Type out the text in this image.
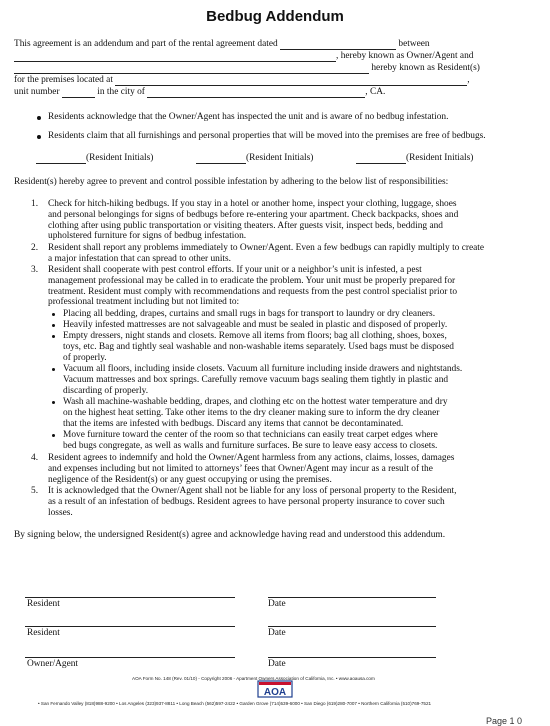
Bedbug Addendum
This agreement is an addendum and part of the rental agreement dated	between
, hereby known as Owner/Agent and
hereby known as Resident(s)
for the premises located at	,
unit number	in the city of	, CA.
Residents acknowledge that the Owner/Agent has inspected the unit and is aware of no bedbug infestation.
Residents claim that all furnishings and personal properties that will be moved into the premises are free of bedbugs.
(Resident Initials)	(Resident Initials)	(Resident Initials)
Resident(s) hereby agree to prevent and control possible infestation by adhering to the below list of responsibilities:
1. Check for hitch-hiking bedbugs. If you stay in a hotel or another home, inspect your clothing, luggage, shoes
and personal belongings for signs of bedbugs before re-entering your apartment. Check backpacks, shoes and
clothing after using public transportation or visiting theaters. After guests visit, inspect beds, bedding and
upholstered furniture for signs of bedbug infestation.
2. Resident shall report any problems immediately to Owner/Agent. Even a few bedbugs can rapidly multiply to create
a major infestation that can spread to other units.
3. Resident shall cooperate with pest control efforts. If your unit or a neighbor’s unit is infested, a pest
management professional may be called in to eradicate the problem. Your unit must be properly prepared for
treatment. Resident must comply with recommendations and requests from the pest control specialist prior to
professional treatment including but not limited to:
Placing all bedding, drapes, curtains and small rugs in bags for transport to laundry or dry cleaners.
Heavily infested mattresses are not salvageable and must be sealed in plastic and disposed of properly.
Empty dressers, night stands and closets. Remove all items from floors; bag all clothing, shoes, boxes,
toys, etc. Bag and tightly seal washable and non-washable items separately. Used bags must be disposed
of properly.
Vacuum all floors, including inside closets. Vacuum all furniture including inside drawers and nightstands.
Vacuum mattresses and box springs. Carefully remove vacuum bags sealing them tightly in plastic and
discarding of properly.
Wash all machine-washable bedding, drapes, and clothing etc on the hottest water temperature and dry
on the highest heat setting. Take other items to the dry cleaner making sure to inform the dry cleaner
that the items are infested with bedbugs. Discard any items that cannot be decontaminated.
Move furniture toward the center of the room so that technicians can easily treat carpet edges where
bed bugs congregate, as well as walls and furniture surfaces. Be sure to leave easy access to closets.
4. Resident agrees to indemnify and hold the Owner/Agent harmless from any actions, claims, losses, damages
and expenses including but not limited to attorneys’ fees that Owner/Agent may incur as a result of the
negligence of the Resident(s) or any guest occupying or using the premises.
5. It is acknowledged that the Owner/Agent shall not be liable for any loss of personal property to the Resident,
as a result of an infestation of bedbugs. Resident agrees to have personal property insurance to cover such
losses.
By signing below, the undersigned Resident(s) agree and acknowledge having read and understood this addendum.
Resident	Date
Resident	Date
Owner/Agent	Date
AOA
AOA Form No. 148 (Rev. 01/10) - Copyright 2006 - Apartment Owners Association of California, Inc. • www.aoausa.com
• San Fernando Valley (818)988-9200 • Los Angeles (323)937-8811 • Long Beach (562)597-2422 • Garden Grove (714)539-6000 • San Diego (619)280-7007 • Northern California (510)769-7521
Page 1 0
